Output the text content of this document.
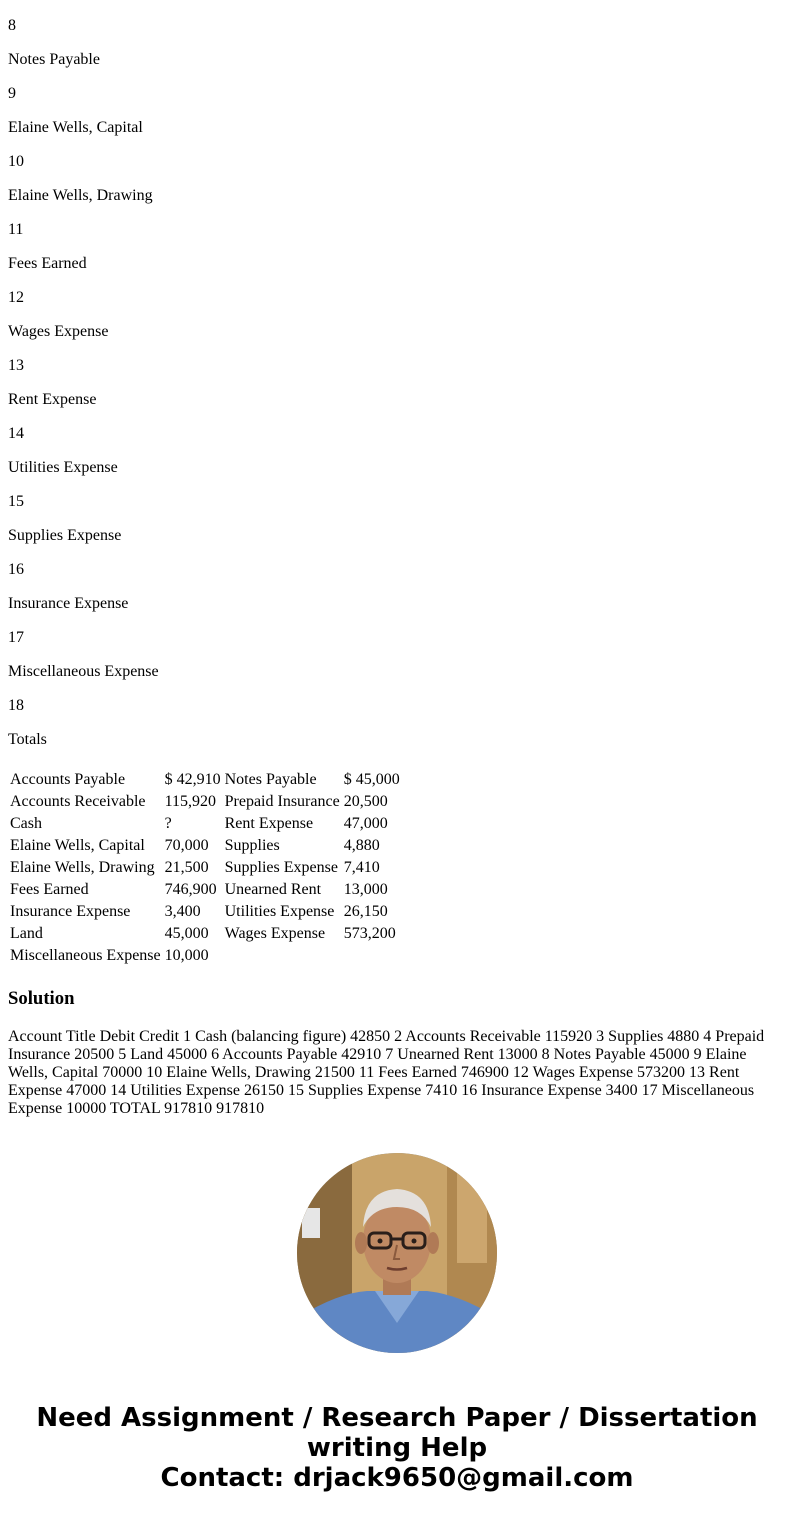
8

Notes Payable

9

Elaine Wells, Capital

10

Elaine Wells, Drawing

11

Fees Earned

12

Wages Expense

13

Rent Expense

14

Utilities Expense

15

Supplies Expense

16

Insurance Expense

17

Miscellaneous Expense

18

Totals

Accounts Payable	$ 42,910	Notes Payable	$ 45,000
Accounts Receivable	115,920	Prepaid Insurance	20,500
Cash	?	Rent Expense	47,000
Elaine Wells, Capital	70,000	Supplies	4,880
Elaine Wells, Drawing	21,500	Supplies Expense	7,410
Fees Earned	746,900	Unearned Rent	13,000
Insurance Expense	3,400	Utilities Expense	26,150
Land	45,000	Wages Expense	573,200
Miscellaneous Expense	10,000		
Solution

Account Title Debit Credit 1 Cash (balancing figure) 42850 2 Accounts Receivable 115920 3 Supplies 4880 4 Prepaid Insurance 20500 5 Land 45000 6 Accounts Payable 42910 7 Unearned Rent 13000 8 Notes Payable 45000 9 Elaine Wells, Capital 70000 10 Elaine Wells, Drawing 21500 11 Fees Earned 746900 12 Wages Expense 573200 13 Rent Expense 47000 14 Utilities Expense 26150 15 Supplies Expense 7410 16 Insurance Expense 3400 17 Miscellaneous Expense 10000 TOTAL 917810 917810

Need Assignment / Research Paper / Dissertation
writing Help
Contact: drjack9650@gmail.com
